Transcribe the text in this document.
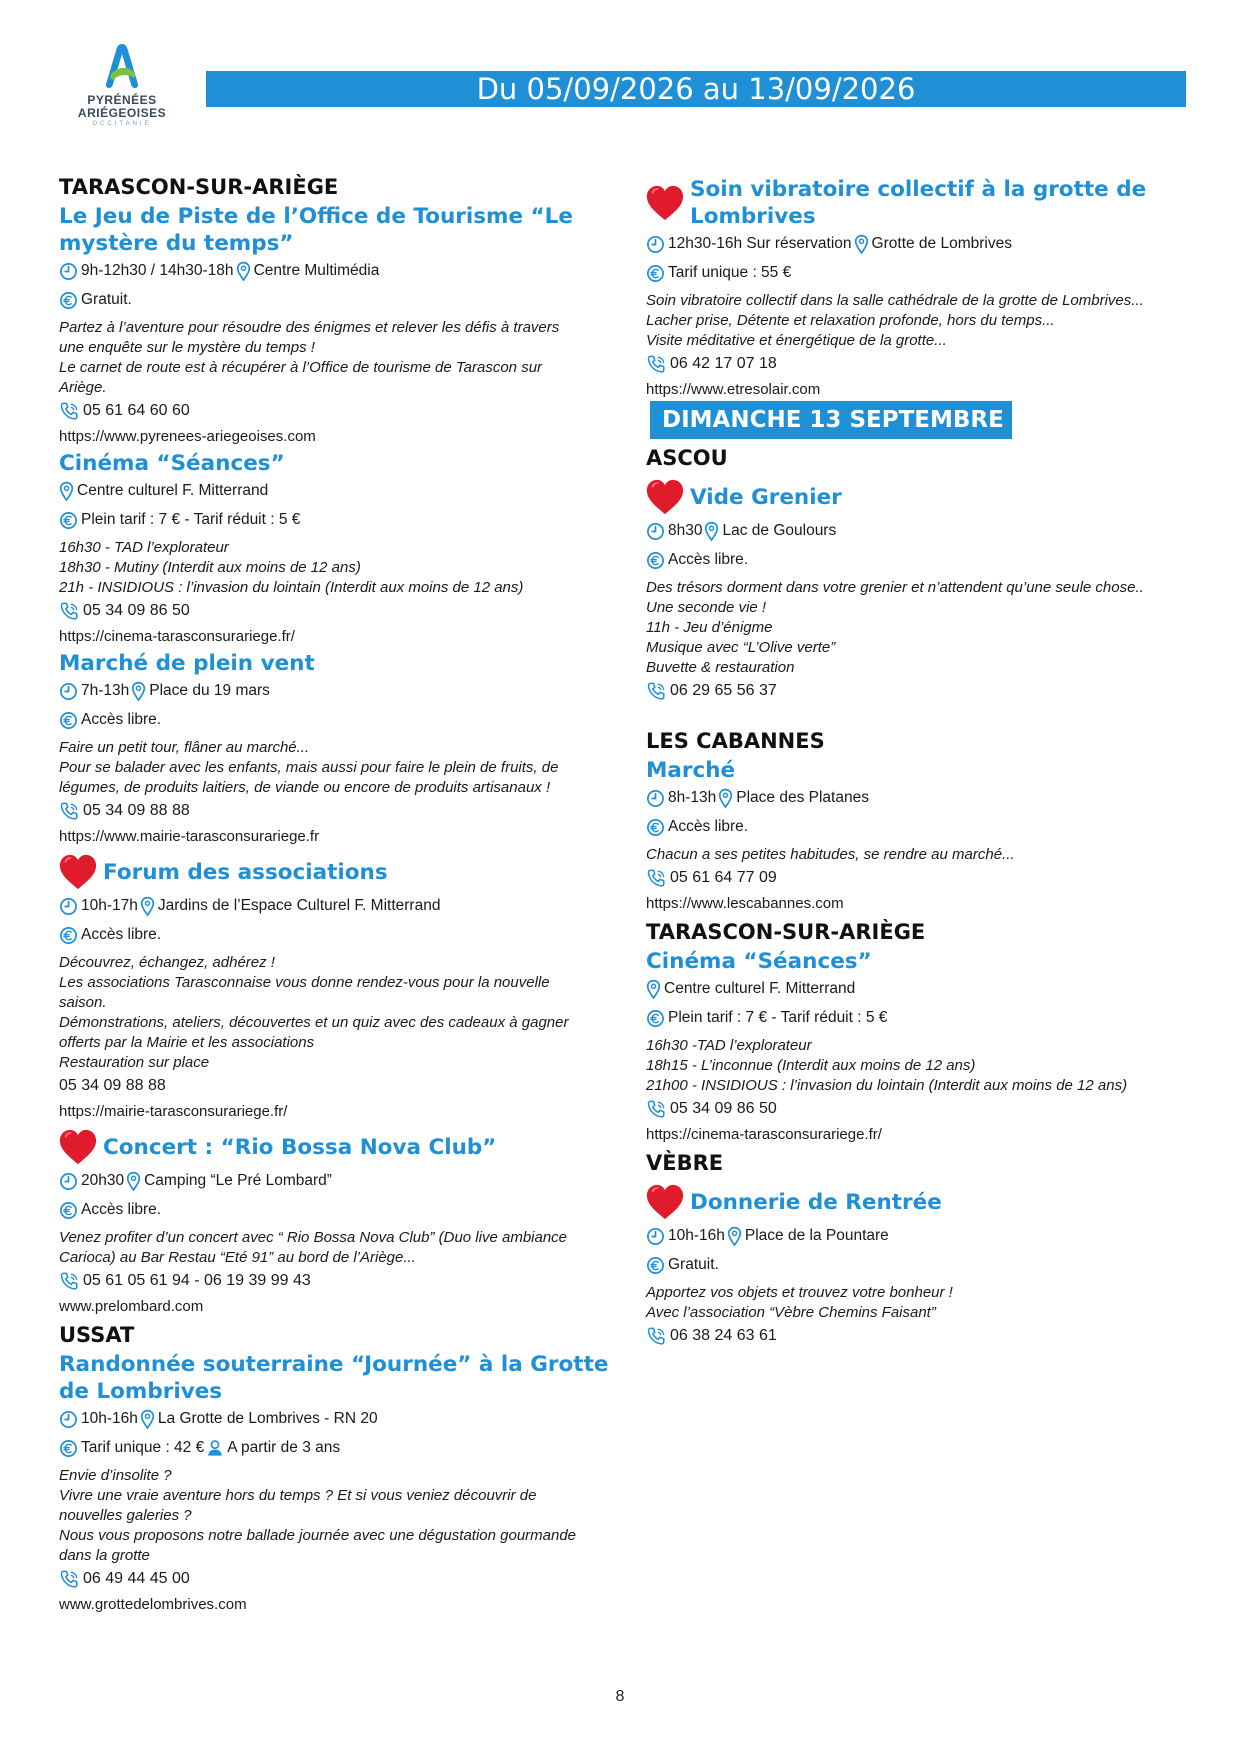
PYRÉNÉES
ARIÉGEOISES
OCCITANIE
Du 05/09/2026 au 13/09/2026
TARASCON-SUR-ARIÈGE
Le Jeu de Piste de l’Office de Tourisme “Le mystère du temps”
9h-12h30 / 14h30-18h Centre Multimédia
Gratuit.
Partez à l’aventure pour résoudre des énigmes et relever les défis à travers
une enquête sur le mystère du temps !
Le carnet de route est à récupérer à l’Office de tourisme de Tarascon sur
Ariège.
05 61 64 60 60
https://www.pyrenees-ariegeoises.com
Cinéma “Séances”
Centre culturel F. Mitterrand
Plein tarif : 7 € - Tarif réduit : 5 €
16h30 - TAD l’explorateur
18h30 - Mutiny (Interdit aux moins de 12 ans)
21h - INSIDIOUS : l’invasion du lointain (Interdit aux moins de 12 ans)
05 34 09 86 50
https://cinema-tarasconsurariege.fr/
Marché de plein vent
7h-13h Place du 19 mars
Accès libre.
Faire un petit tour, flâner au marché...
Pour se balader avec les enfants, mais aussi pour faire le plein de fruits, de
légumes, de produits laitiers, de viande ou encore de produits artisanaux !
05 34 09 88 88
https://www.mairie-tarasconsurariege.fr
Forum des associations
10h-17h Jardins de l’Espace Culturel F. Mitterrand
Accès libre.
Découvrez, échangez, adhérez !
Les associations Tarasconnaise vous donne rendez-vous pour la nouvelle
saison.
Démonstrations, ateliers, découvertes et un quiz avec des cadeaux à gagner
offerts par la Mairie et les associations
Restauration sur place
05 34 09 88 88
https://mairie-tarasconsurariege.fr/
Concert : “Rio Bossa Nova Club”
20h30 Camping “Le Pré Lombard”
Accès libre.
Venez profiter d’un concert avec “ Rio Bossa Nova Club” (Duo live ambiance
Carioca) au Bar Restau “Eté 91” au bord de l’Ariège...
05 61 05 61 94 - 06 19 39 99 43
www.prelombard.com
USSAT
Randonnée souterraine “Journée” à la Grotte de Lombrives
10h-16h La Grotte de Lombrives - RN 20
Tarif unique : 42 € A partir de 3 ans
Envie d’insolite ?
Vivre une vraie aventure hors du temps ? Et si vous veniez découvrir de
nouvelles galeries ?
Nous vous proposons notre ballade journée avec une dégustation gourmande
dans la grotte
06 49 44 45 00
www.grottedelombrives.com
Soin vibratoire collectif à la grotte de Lombrives
12h30-16h Sur réservation Grotte de Lombrives
Tarif unique : 55 €
Soin vibratoire collectif dans la salle cathédrale de la grotte de Lombrives...
Lacher prise, Détente et relaxation profonde, hors du temps...
Visite méditative et énergétique de la grotte...
06 42 17 07 18
https://www.etresolair.com
DIMANCHE 13 SEPTEMBRE
ASCOU
Vide Grenier
8h30 Lac de Goulours
Accès libre.
Des trésors dorment dans votre grenier et n’attendent qu’une seule chose..
Une seconde vie !
11h - Jeu d’énigme
Musique avec “L’Olive verte”
Buvette & restauration
06 29 65 56 37
LES CABANNES
Marché
8h-13h Place des Platanes
Accès libre.
Chacun a ses petites habitudes, se rendre au marché...
05 61 64 77 09
https://www.lescabannes.com
TARASCON-SUR-ARIÈGE
Cinéma “Séances”
Centre culturel F. Mitterrand
Plein tarif : 7 € - Tarif réduit : 5 €
16h30 -TAD l’explorateur
18h15 - L’inconnue (Interdit aux moins de 12 ans)
21h00 - INSIDIOUS : l’invasion du lointain (Interdit aux moins de 12 ans)
05 34 09 86 50
https://cinema-tarasconsurariege.fr/
VÈBRE
Donnerie de Rentrée
10h-16h Place de la Pountare
Gratuit.
Apportez vos objets et trouvez votre bonheur !
Avec l’association “Vèbre Chemins Faisant”
06 38 24 63 61
8
